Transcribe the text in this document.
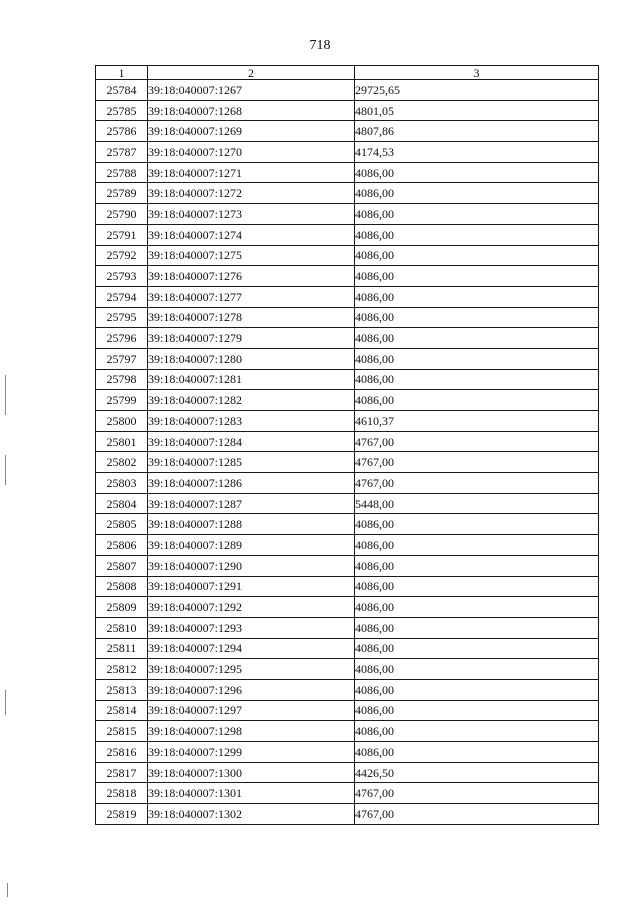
718
1	2	3
25784	39:18:040007:1267	29725,65
25785	39:18:040007:1268	4801,05
25786	39:18:040007:1269	4807,86
25787	39:18:040007:1270	4174,53
25788	39:18:040007:1271	4086,00
25789	39:18:040007:1272	4086,00
25790	39:18:040007:1273	4086,00
25791	39:18:040007:1274	4086,00
25792	39:18:040007:1275	4086,00
25793	39:18:040007:1276	4086,00
25794	39:18:040007:1277	4086,00
25795	39:18:040007:1278	4086,00
25796	39:18:040007:1279	4086,00
25797	39:18:040007:1280	4086,00
25798	39:18:040007:1281	4086,00
25799	39:18:040007:1282	4086,00
25800	39:18:040007:1283	4610,37
25801	39:18:040007:1284	4767,00
25802	39:18:040007:1285	4767,00
25803	39:18:040007:1286	4767,00
25804	39:18:040007:1287	5448,00
25805	39:18:040007:1288	4086,00
25806	39:18:040007:1289	4086,00
25807	39:18:040007:1290	4086,00
25808	39:18:040007:1291	4086,00
25809	39:18:040007:1292	4086,00
25810	39:18:040007:1293	4086,00
25811	39:18:040007:1294	4086,00
25812	39:18:040007:1295	4086,00
25813	39:18:040007:1296	4086,00
25814	39:18:040007:1297	4086,00
25815	39:18:040007:1298	4086,00
25816	39:18:040007:1299	4086,00
25817	39:18:040007:1300	4426,50
25818	39:18:040007:1301	4767,00
25819	39:18:040007:1302	4767,00
